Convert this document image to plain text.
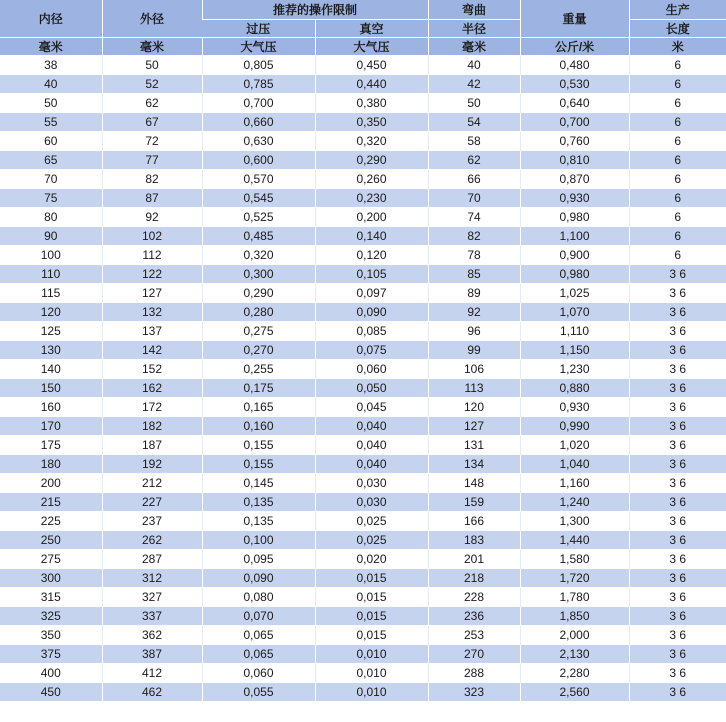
内径	外径	推荐的操作限制		弯曲	重量	生产
		过压	真空	半径		长度
毫米	毫米	大气压	大气压	毫米	公斤/米	米
38	50	0,805	0,450	40	0,480	6
40	52	0,785	0,440	42	0,530	6
50	62	0,700	0,380	50	0,640	6
55	67	0,660	0,350	54	0,700	6
60	72	0,630	0,320	58	0,760	6
65	77	0,600	0,290	62	0,810	6
70	82	0,570	0,260	66	0,870	6
75	87	0,545	0,230	70	0,930	6
80	92	0,525	0,200	74	0,980	6
90	102	0,485	0,140	82	1,100	6
100	112	0,320	0,120	78	0,900	6
110	122	0,300	0,105	85	0,980	3 6
115	127	0,290	0,097	89	1,025	3 6
120	132	0,280	0,090	92	1,070	3 6
125	137	0,275	0,085	96	1,110	3 6
130	142	0,270	0,075	99	1,150	3 6
140	152	0,255	0,060	106	1,230	3 6
150	162	0,175	0,050	113	0,880	3 6
160	172	0,165	0,045	120	0,930	3 6
170	182	0,160	0,040	127	0,990	3 6
175	187	0,155	0,040	131	1,020	3 6
180	192	0,155	0,040	134	1,040	3 6
200	212	0,145	0,030	148	1,160	3 6
215	227	0,135	0,030	159	1,240	3 6
225	237	0,135	0,025	166	1,300	3 6
250	262	0,100	0,025	183	1,440	3 6
275	287	0,095	0,020	201	1,580	3 6
300	312	0,090	0,015	218	1,720	3 6
315	327	0,080	0,015	228	1,780	3 6
325	337	0,070	0,015	236	1,850	3 6
350	362	0,065	0,015	253	2,000	3 6
375	387	0,065	0,010	270	2,130	3 6
400	412	0,060	0,010	288	2,280	3 6
450	462	0,055	0,010	323	2,560	3 6
